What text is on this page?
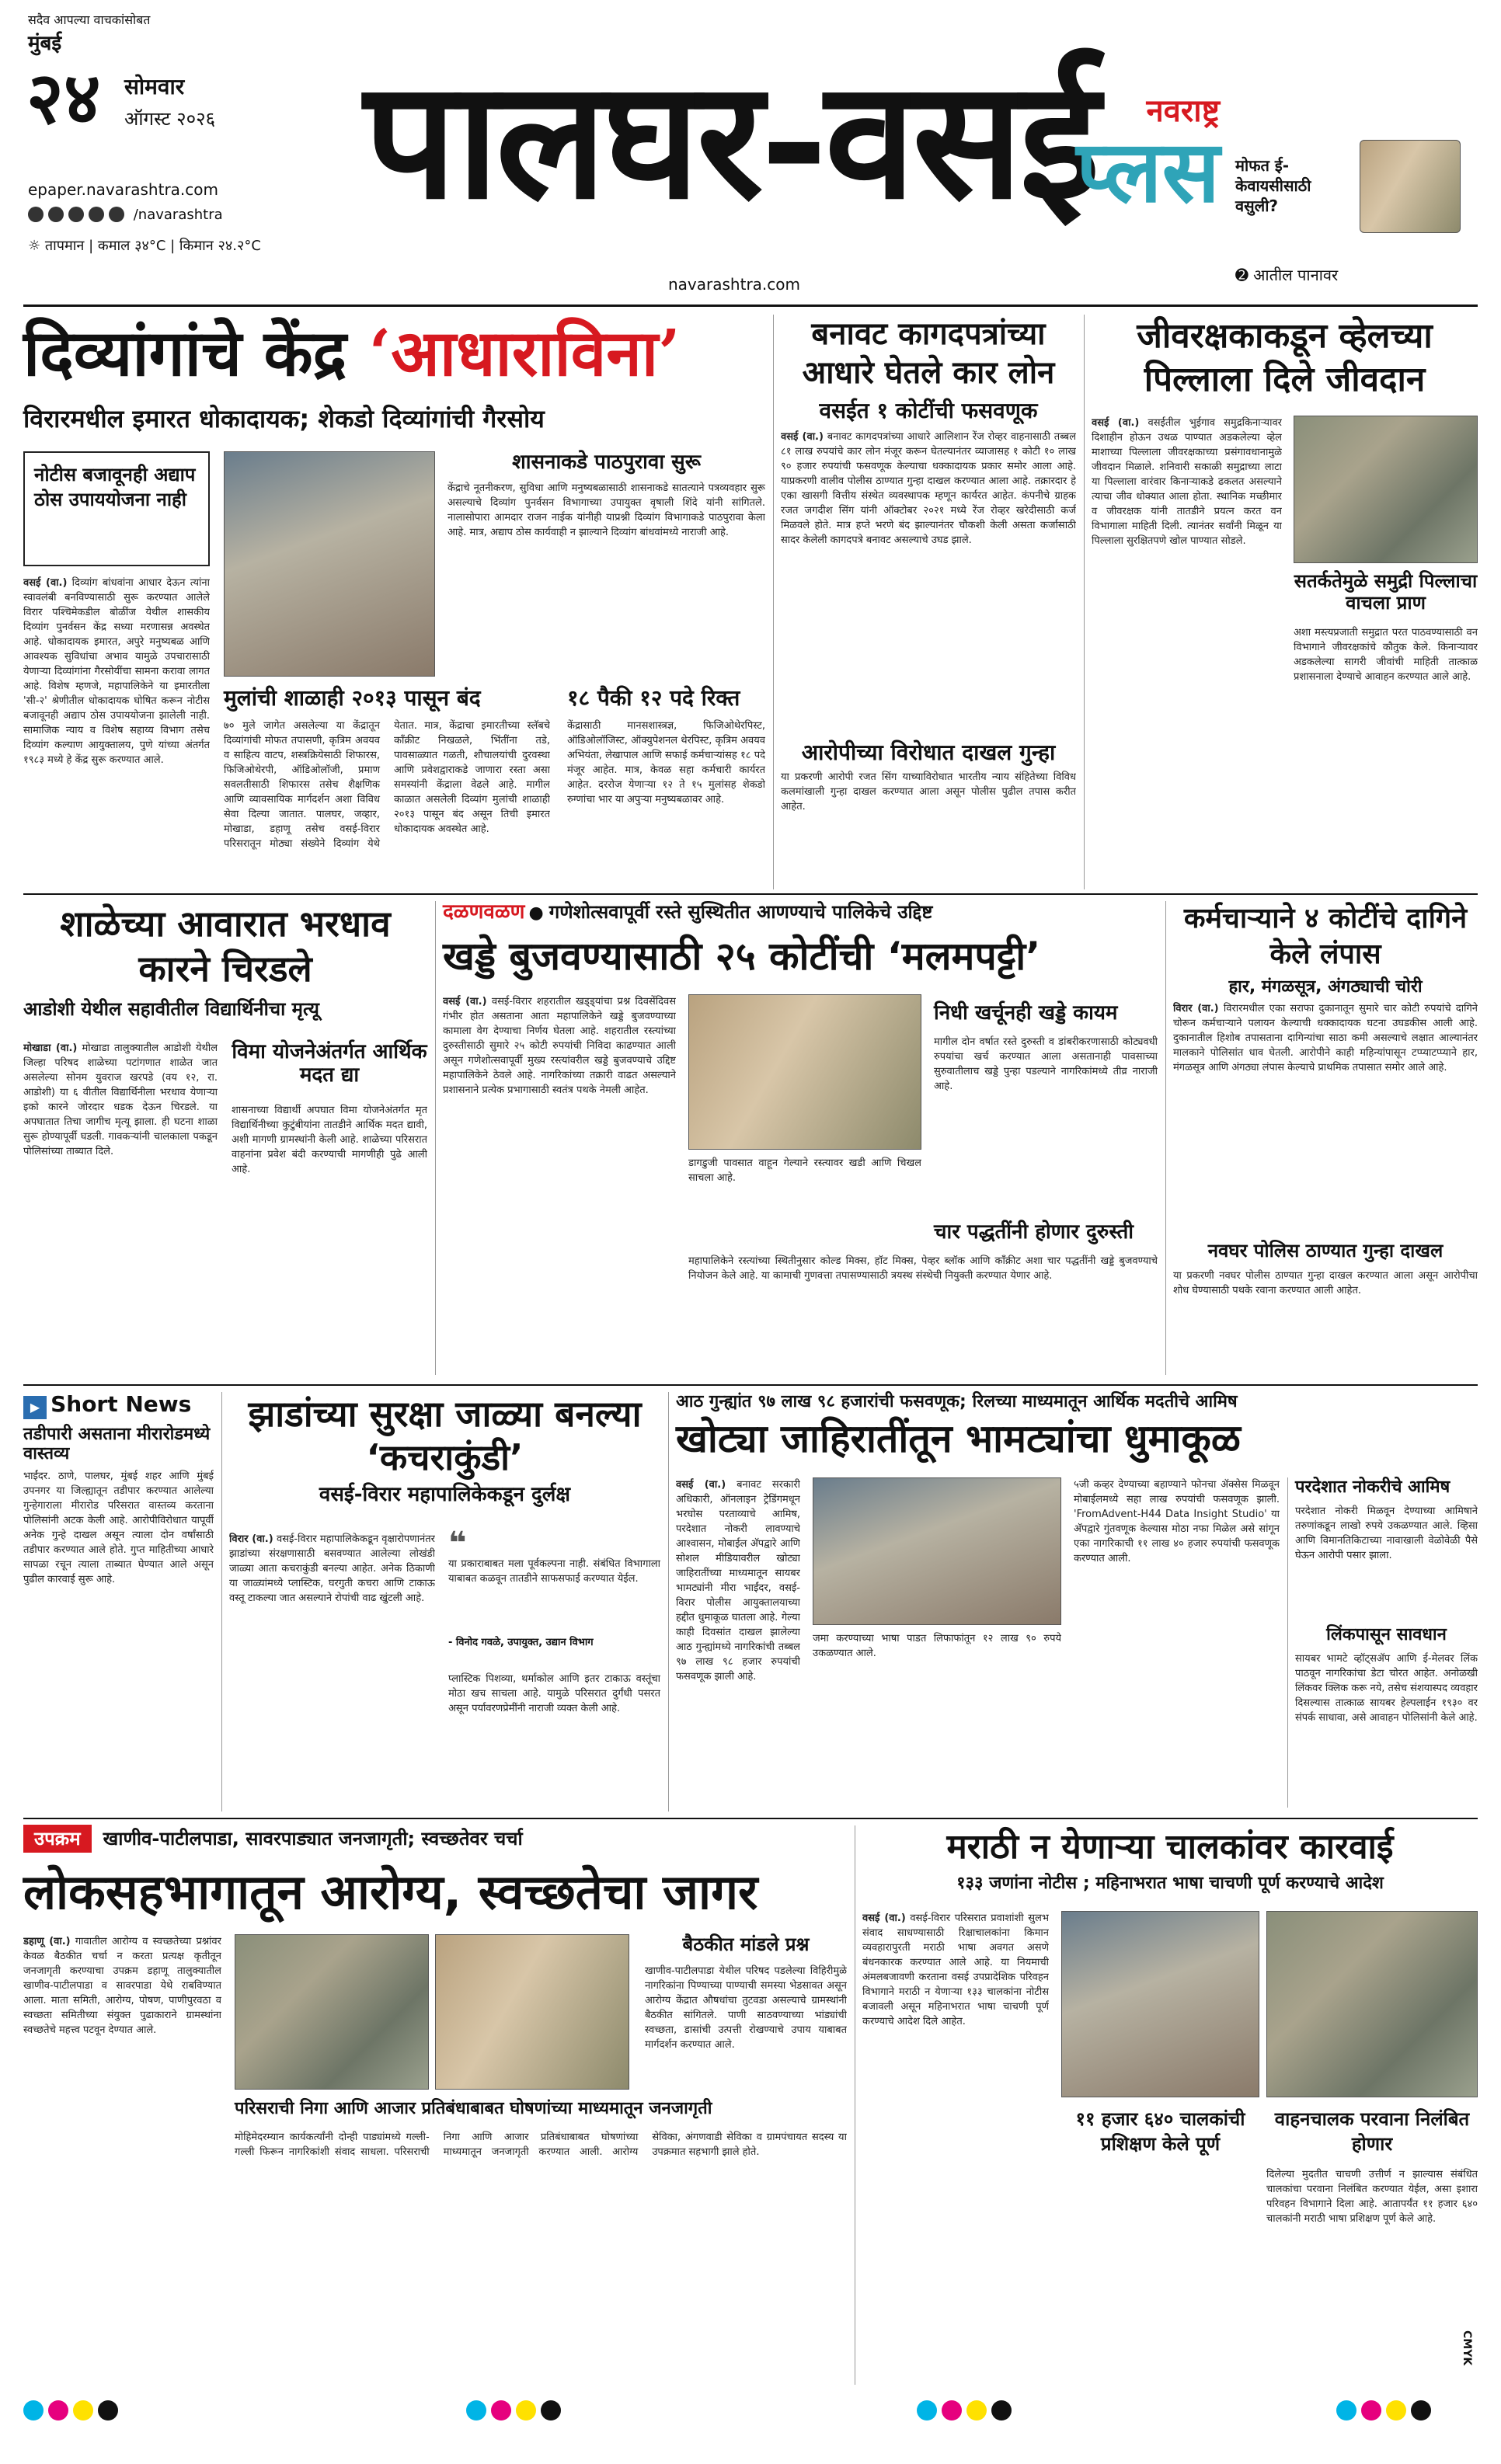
सदैव आपल्या वाचकांसोबत
मुंबई
२४ सोमवार
ऑगस्ट २०२६
epaper.navarashtra.com
/navarashtra
☼ तापमान | कमाल ३४°C | किमान २४.२°C
पालघर-वसई
navarashtra.com
नवराष्ट्र
प्लस मोफत ई-केवायसीसाठी वसुली?
➋ आतील पानावर
दिव्यांगांचे केंद्र ‘आधाराविना’
विरारमधील इमारत धोकादायक; शेकडो दिव्यांगांची गैरसोय
नोटीस बजावूनही अद्याप ठोस उपाययोजना नाही
वसई (वा.) दिव्यांग बांधवांना आधार देऊन त्यांना स्वावलंबी बनविण्यासाठी सुरू करण्यात आलेले विरार पश्चिमेकडील बोळींज येथील शासकीय दिव्यांग पुनर्वसन केंद्र सध्या मरणासन्न अवस्थेत आहे. धोकादायक इमारत, अपुरे मनुष्यबळ आणि आवश्यक सुविधांचा अभाव यामुळे उपचारासाठी येणाऱ्या दिव्यांगांना गैरसोयींचा सामना करावा लागत आहे. विशेष म्हणजे, महापालिकेने या इमारतीला 'सी-२' श्रेणीतील धोकादायक घोषित करून नोटीस बजावूनही अद्याप ठोस उपाययोजना झालेली नाही. सामाजिक न्याय व विशेष सहाय्य विभाग तसेच दिव्यांग कल्याण आयुक्तालय, पुणे यांच्या अंतर्गत १९८३ मध्ये हे केंद्र सुरू करण्यात आले.
शासनाकडे पाठपुरावा सुरू
केंद्राचे नूतनीकरण, सुविधा आणि मनुष्यबळासाठी शासनाकडे सातत्याने पत्रव्यवहार सुरू असल्याचे दिव्यांग पुनर्वसन विभागाच्या उपायुक्त वृषाली शिंदे यांनी सांगितले. नालासोपारा आमदार राजन नाईक यांनीही याप्रश्नी दिव्यांग विभागाकडे पाठपुरावा केला आहे. मात्र, अद्याप ठोस कार्यवाही न झाल्याने दिव्यांग बांधवांमध्ये नाराजी आहे.
मुलांची शाळाही २०१३ पासून बंद
७० मुले जागेत असलेल्या या केंद्रातून दिव्यांगांची मोफत तपासणी, कृत्रिम अवयव व साहित्य वाटप, शस्त्रक्रियेसाठी शिफारस, फिजिओथेरपी, ऑडिओलॉजी, प्रमाण सवलतीसाठी शिफारस तसेच शैक्षणिक आणि व्यावसायिक मार्गदर्शन अशा विविध सेवा दिल्या जातात. पालघर, जव्हार, मोखाडा, डहाणू तसेच वसई-विरार परिसरातून मोठ्या संख्येने दिव्यांग येथे येतात. मात्र, केंद्राचा इमारतीच्या स्लॅबचे काँक्रीट निखळले, भिंतींना तडे, पावसाळ्यात गळती, शौचालयांची दुरवस्था आणि प्रवेशद्वाराकडे जाणारा रस्ता असा समस्यांनी केंद्राला वेढले आहे. मागील काळात असलेली दिव्यांग मुलांची शाळाही २०१३ पासून बंद असून तिची इमारत धोकादायक अवस्थेत आहे.
१८ पैकी १२ पदे रिक्त
केंद्रासाठी मानसशास्त्रज्ञ, फिजिओथेरपिस्ट, ऑडिओलॉजिस्ट, ऑक्युपेशनल थेरपिस्ट, कृत्रिम अवयव अभियंता, लेखापाल आणि सफाई कर्मचाऱ्यांसह १८ पदे मंजूर आहेत. मात्र, केवळ सहा कर्मचारी कार्यरत आहेत. दररोज येणाऱ्या १२ ते १५ मुलांसह शेकडो रुग्णांचा भार या अपुऱ्या मनुष्यबळावर आहे.
बनावट कागदपत्रांच्या आधारे घेतले कार लोन
वसईत १ कोटींची फसवणूक
वसई (वा.) बनावट कागदपत्रांच्या आधारे आलिशान रेंज रोव्हर वाहनासाठी तब्बल ८१ लाख रुपयांचे कार लोन मंजूर करून घेतल्यानंतर व्याजासह १ कोटी १० लाख ९० हजार रुपयांची फसवणूक केल्याचा धक्कादायक प्रकार समोर आला आहे. याप्रकरणी वालीव पोलीस ठाण्यात गुन्हा दाखल करण्यात आला आहे. तक्रारदार हे एका खासगी वित्तीय संस्थेत व्यवस्थापक म्हणून कार्यरत आहेत. कंपनीचे ग्राहक रजत जगदीश सिंग यांनी ऑक्टोबर २०२१ मध्ये रेंज रोव्हर खरेदीसाठी कर्ज मिळवले होते. मात्र हप्ते भरणे बंद झाल्यानंतर चौकशी केली असता कर्जासाठी सादर केलेली कागदपत्रे बनावट असल्याचे उघड झाले.
आरोपीच्या विरोधात दाखल गुन्हा
या प्रकरणी आरोपी रजत सिंग याच्याविरोधात भारतीय न्याय संहितेच्या विविध कलमांखाली गुन्हा दाखल करण्यात आला असून पोलीस पुढील तपास करीत आहेत.
जीवरक्षकाकडून व्हेलच्या पिल्लाला दिले जीवदान
वसई (वा.) वसईतील भुईगाव समुद्रकिनाऱ्यावर दिशाहीन होऊन उथळ पाण्यात अडकलेल्या व्हेल माशाच्या पिल्लाला जीवरक्षकाच्या प्रसंगावधानामुळे जीवदान मिळाले. शनिवारी सकाळी समुद्राच्या लाटा या पिल्लाला वारंवार किनाऱ्याकडे ढकलत असल्याने त्याचा जीव धोक्यात आला होता. स्थानिक मच्छीमार व जीवरक्षक यांनी तातडीने प्रयत्न करत वन विभागाला माहिती दिली. त्यानंतर सर्वांनी मिळून या पिल्लाला सुरक्षितपणे खोल पाण्यात सोडले.
सतर्कतेमुळे समुद्री पिल्लाचा वाचला प्राण
अशा मस्त्यप्रजाती समुद्रात परत पाठवण्यासाठी वन विभागाने जीवरक्षकांचे कौतुक केले. किनाऱ्यावर अडकलेल्या सागरी जीवांची माहिती तात्काळ प्रशासनाला देण्याचे आवाहन करण्यात आले आहे.
शाळेच्या आवारात भरधाव कारने चिरडले
आडोशी येथील सहावीतील विद्यार्थिनीचा मृत्यू
मोखाडा (वा.) मोखाडा तालुक्यातील आडोशी येथील जिल्हा परिषद शाळेच्या पटांगणात शाळेत जात असलेल्या सोनम युवराज खरपडे (वय १२, रा. आडोशी) या ६ वीतील विद्यार्थिनीला भरधाव येणाऱ्या इको कारने जोरदार धडक देऊन चिरडले. या अपघातात तिचा जागीच मृत्यू झाला. ही घटना शाळा सुरू होण्यापूर्वी घडली. गावकऱ्यांनी चालकाला पकडून पोलिसांच्या ताब्यात दिले.
विमा योजनेअंतर्गत आर्थिक मदत द्या
शासनाच्या विद्यार्थी अपघात विमा योजनेअंतर्गत मृत विद्यार्थिनीच्या कुटुंबीयांना तातडीने आर्थिक मदत द्यावी, अशी मागणी ग्रामस्थांनी केली आहे. शाळेच्या परिसरात वाहनांना प्रवेश बंदी करण्याची मागणीही पुढे आली आहे.
दळणवळण ● गणेशोत्सवापूर्वी रस्ते सुस्थितीत आणण्याचे पालिकेचे उद्दिष्ट
खड्डे बुजवण्यासाठी २५ कोटींची ‘मलमपट्टी’
वसई (वा.) वसई-विरार शहरातील खड्ड्यांचा प्रश्न दिवसेंदिवस गंभीर होत असताना आता महापालिकेने खड्डे बुजवण्याच्या कामाला वेग देण्याचा निर्णय घेतला आहे. शहरातील रस्त्यांच्या दुरुस्तीसाठी सुमारे २५ कोटी रुपयांची निविदा काढण्यात आली असून गणेशोत्सवापूर्वी मुख्य रस्त्यांवरील खड्डे बुजवण्याचे उद्दिष्ट महापालिकेने ठेवले आहे. नागरिकांच्या तक्रारी वाढत असल्याने प्रशासनाने प्रत्येक प्रभागासाठी स्वतंत्र पथके नेमली आहेत.
डागडुजी पावसात वाहून गेल्याने रस्त्यावर खडी आणि चिखल साचला आहे.
निधी खर्चूनही खड्डे कायम
मागील दोन वर्षात रस्ते दुरुस्ती व डांबरीकरणासाठी कोट्यवधी रुपयांचा खर्च करण्यात आला असतानाही पावसाच्या सुरुवातीलाच खड्डे पुन्हा पडल्याने नागरिकांमध्ये तीव्र नाराजी आहे.
चार पद्धतींनी होणार दुरुस्ती
महापालिकेने रस्त्यांच्या स्थितीनुसार कोल्ड मिक्स, हॉट मिक्स, पेव्हर ब्लॉक आणि काँक्रीट अशा चार पद्धतींनी खड्डे बुजवण्याचे नियोजन केले आहे. या कामाची गुणवत्ता तपासण्यासाठी त्रयस्थ संस्थेची नियुक्ती करण्यात येणार आहे.
कर्मचाऱ्याने ४ कोटींचे दागिने केले लंपास
हार, मंगळसूत्र, अंगठ्याची चोरी
विरार (वा.) विरारमधील एका सराफा दुकानातून सुमारे चार कोटी रुपयांचे दागिने चोरून कर्मचाऱ्याने पलायन केल्याची धक्कादायक घटना उघडकीस आली आहे. दुकानातील हिशोब तपासताना दागिन्यांचा साठा कमी असल्याचे लक्षात आल्यानंतर मालकाने पोलिसांत धाव घेतली. आरोपीने काही महिन्यांपासून टप्प्याटप्प्याने हार, मंगळसूत्र आणि अंगठ्या लंपास केल्याचे प्राथमिक तपासात समोर आले आहे.
नवघर पोलिस ठाण्यात गुन्हा दाखल
या प्रकरणी नवघर पोलीस ठाण्यात गुन्हा दाखल करण्यात आला असून आरोपीचा शोध घेण्यासाठी पथके रवाना करण्यात आली आहेत.
▶ Short News
तडीपारी असताना मीरारोडमध्ये वास्तव्य
भाईंदर. ठाणे, पालघर, मुंबई शहर आणि मुंबई उपनगर या जिल्ह्यातून तडीपार करण्यात आलेल्या गुन्हेगाराला मीरारोड परिसरात वास्तव्य करताना पोलिसांनी अटक केली आहे. आरोपीविरोधात यापूर्वी अनेक गुन्हे दाखल असून त्याला दोन वर्षांसाठी तडीपार करण्यात आले होते. गुप्त माहितीच्या आधारे सापळा रचून त्याला ताब्यात घेण्यात आले असून पुढील कारवाई सुरू आहे.
झाडांच्या सुरक्षा जाळ्या बनल्या ‘कचराकुंडी’
वसई-विरार महापालिकेकडून दुर्लक्ष
विरार (वा.) वसई-विरार महापालिकेकडून वृक्षारोपणानंतर झाडांच्या संरक्षणासाठी बसवण्यात आलेल्या लोखंडी जाळ्या आता कचराकुंडी बनल्या आहेत. अनेक ठिकाणी या जाळ्यांमध्ये प्लास्टिक, घरगुती कचरा आणि टाकाऊ वस्तू टाकल्या जात असल्याने रोपांची वाढ खुंटली आहे.
❝
या प्रकाराबाबत मला पूर्वकल्पना नाही. संबंधित विभागाला याबाबत कळवून तातडीने साफसफाई करण्यात येईल.
- विनोद गवळे, उपायुक्त, उद्यान विभाग
प्लास्टिक पिशव्या, थर्माकोल आणि इतर टाकाऊ वस्तूंचा मोठा खच साचला आहे. यामुळे परिसरात दुर्गंधी पसरत असून पर्यावरणप्रेमींनी नाराजी व्यक्त केली आहे.
आठ गुन्ह्यांत ९७ लाख ९८ हजारांची फसवणूक; रिलच्या माध्यमातून आर्थिक मदतीचे आमिष
खोट्या जाहिरातींतून भामट्यांचा धुमाकूळ
वसई (वा.) बनावट सरकारी अधिकारी, ऑनलाइन ट्रेडिंगमधून भरघोस परताव्याचे आमिष, परदेशात नोकरी लावण्याचे आश्वासन, मोबाईल अ‍ॅपद्वारे आणि सोशल मीडियावरील खोट्या जाहिरातींच्या माध्यमातून सायबर भामट्यांनी मीरा भाईंदर, वसई-विरार पोलीस आयुक्तालयाच्या हद्दीत धुमाकूळ घातला आहे. गेल्या काही दिवसांत दाखल झालेल्या आठ गुन्ह्यांमध्ये नागरिकांची तब्बल ९७ लाख ९८ हजार रुपयांची फसवणूक झाली आहे.
जमा करण्याच्या भाषा पाडत लिफाफांतून १२ लाख ९० रुपये उकळण्यात आले.
५जी कव्हर देण्याच्या बहाण्याने फोनचा ॲक्सेस मिळवून मोबाईलमध्ये सहा लाख रुपयांची फसवणूक झाली. 'FromAdvent-H44 Data Insight Studio' या अ‍ॅपद्वारे गुंतवणूक केल्यास मोठा नफा मिळेल असे सांगून एका नागरिकाची ११ लाख ४० हजार रुपयांची फसवणूक करण्यात आली.
परदेशात नोकरीचे आमिष
परदेशात नोकरी मिळवून देण्याच्या आमिषाने तरुणांकडून लाखो रुपये उकळण्यात आले. व्हिसा आणि विमानतिकिटाच्या नावाखाली वेळोवेळी पैसे घेऊन आरोपी पसार झाला.
लिंकपासून सावधान
सायबर भामटे व्हॉट्सॲप आणि ई-मेलवर लिंक पाठवून नागरिकांचा डेटा चोरत आहेत. अनोळखी लिंकवर क्लिक करू नये, तसेच संशयास्पद व्यवहार दिसल्यास तात्काळ सायबर हेल्पलाईन १९३० वर संपर्क साधावा, असे आवाहन पोलिसांनी केले आहे.
उपक्रम खाणीव-पाटीलपाडा, सावरपाड्यात जनजागृती; स्वच्छतेवर चर्चा
लोकसहभागातून आरोग्य, स्वच्छतेचा जागर
डहाणू (वा.) गावातील आरोग्य व स्वच्छतेच्या प्रश्नांवर केवळ बैठकीत चर्चा न करता प्रत्यक्ष कृतीतून जनजागृती करण्याचा उपक्रम डहाणू तालुक्यातील खाणीव-पाटीलपाडा व सावरपाडा येथे राबविण्यात आला. माता समिती, आरोग्य, पोषण, पाणीपुरवठा व स्वच्छता समितीच्या संयुक्त पुढाकाराने ग्रामस्थांना स्वच्छतेचे महत्त्व पटवून देण्यात आले.
बैठकीत मांडले प्रश्न
खाणीव-पाटीलपाडा येथील परिषद पडलेल्या विहिरीमुळे नागरिकांना पिण्याच्या पाण्याची समस्या भेडसावत असून आरोग्य केंद्रात औषधांचा तुटवडा असल्याचे ग्रामस्थांनी बैठकीत सांगितले. पाणी साठवण्याच्या भांड्यांची स्वच्छता, डासांची उत्पत्ती रोखण्याचे उपाय याबाबत मार्गदर्शन करण्यात आले.
परिसराची निगा आणि आजार प्रतिबंधाबाबत घोषणांच्या माध्यमातून जनजागृती
मोहिमेदरम्यान कार्यकर्त्यांनी दोन्ही पाड्यांमध्ये गल्ली-गल्ली फिरून नागरिकांशी संवाद साधला. परिसराची निगा आणि आजार प्रतिबंधाबाबत घोषणांच्या माध्यमातून जनजागृती करण्यात आली. आरोग्य सेविका, अंगणवाडी सेविका व ग्रामपंचायत सदस्य या उपक्रमात सहभागी झाले होते.
मराठी न येणाऱ्या चालकांवर कारवाई
१३३ जणांना नोटीस ; महिनाभरात भाषा चाचणी पूर्ण करण्याचे आदेश
वसई (वा.) वसई-विरार परिसरात प्रवाशांशी सुलभ संवाद साधण्यासाठी रिक्षाचालकांना किमान व्यवहारापुरती मराठी भाषा अवगत असणे बंधनकारक करण्यात आले आहे. या नियमाची अंमलबजावणी करताना वसई उपप्रादेशिक परिवहन विभागाने मराठी न येणाऱ्या १३३ चालकांना नोटीस बजावली असून महिनाभरात भाषा चाचणी पूर्ण करण्याचे आदेश दिले आहेत.
११ हजार ६४० चालकांची प्रशिक्षण केले पूर्ण
वाहनचालक परवाना निलंबित होणार
दिलेल्या मुदतीत चाचणी उत्तीर्ण न झाल्यास संबंधित चालकांचा परवाना निलंबित करण्यात येईल, असा इशारा परिवहन विभागाने दिला आहे. आतापर्यंत ११ हजार ६४० चालकांनी मराठी भाषा प्रशिक्षण पूर्ण केले आहे.
CMYK
